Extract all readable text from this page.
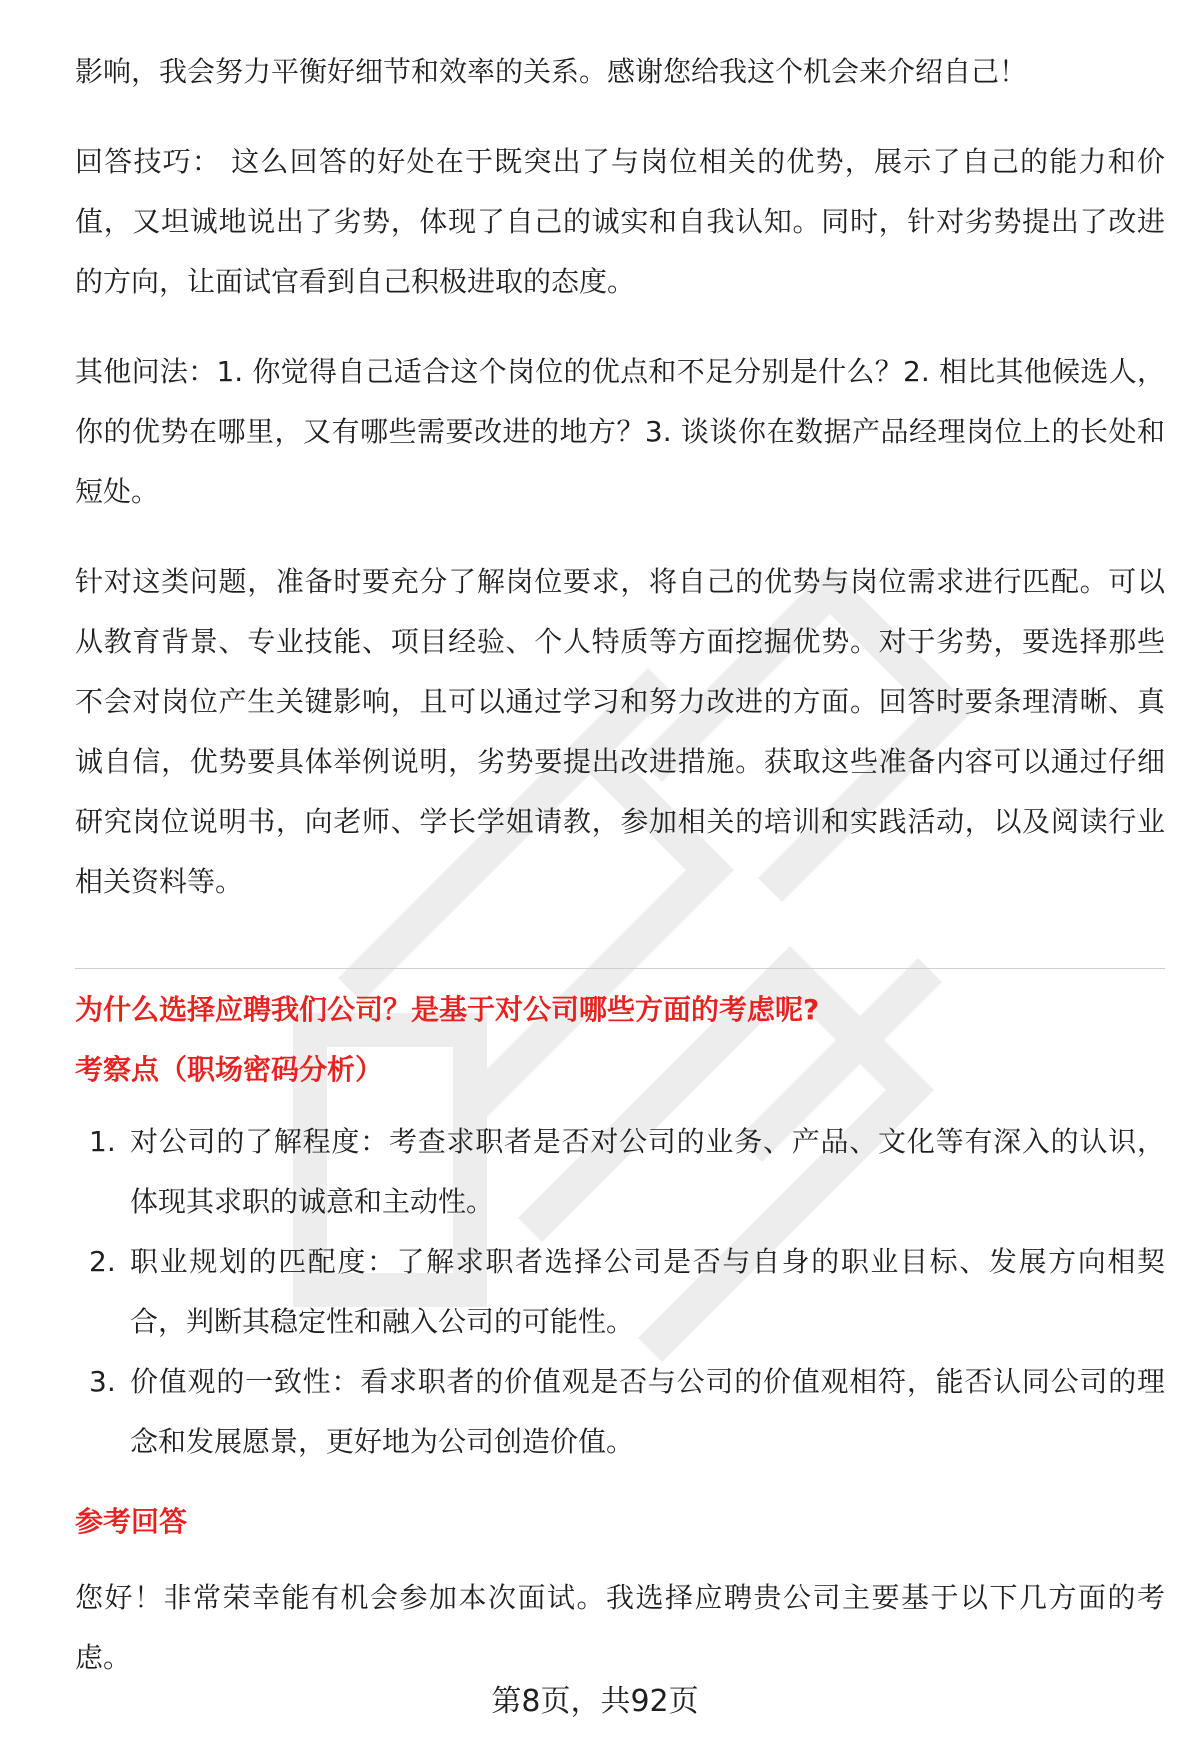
影响，我会努力平衡好细节和效率的关系。感谢您给我这个机会来介绍自己！

回答技巧： 这么回答的好处在于既突出了与岗位相关的优势，展示了自己的能力和价值，又坦诚地说出了劣势，体现了自己的诚实和自我认知。同时，针对劣势提出了改进的方向，让面试官看到自己积极进取的态度。

其他问法：1. 你觉得自己适合这个岗位的优点和不足分别是什么？2. 相比其他候选人，你的优势在哪里，又有哪些需要改进的地方？3. 谈谈你在数据产品经理岗位上的长处和短处。

针对这类问题，准备时要充分了解岗位要求，将自己的优势与岗位需求进行匹配。可以从教育背景、专业技能、项目经验、个人特质等方面挖掘优势。对于劣势，要选择那些不会对岗位产生关键影响，且可以通过学习和努力改进的方面。回答时要条理清晰、真诚自信，优势要具体举例说明，劣势要提出改进措施。获取这些准备内容可以通过仔细研究岗位说明书，向老师、学长学姐请教，参加相关的培训和实践活动，以及阅读行业相关资料等。

为什么选择应聘我们公司？是基于对公司哪些方面的考虑呢?
考察点（职场密码分析）
1. 对公司的了解程度：考查求职者是否对公司的业务、产品、文化等有深入的认识，体现其求职的诚意和主动性。
2. 职业规划的匹配度：了解求职者选择公司是否与自身的职业目标、发展方向相契合，判断其稳定性和融入公司的可能性。
3. 价值观的一致性：看求职者的价值观是否与公司的价值观相符，能否认同公司的理念和发展愿景，更好地为公司创造价值。
参考回答

您好！非常荣幸能有机会参加本次面试。我选择应聘贵公司主要基于以下几方面的考虑。

第8页，共92页
